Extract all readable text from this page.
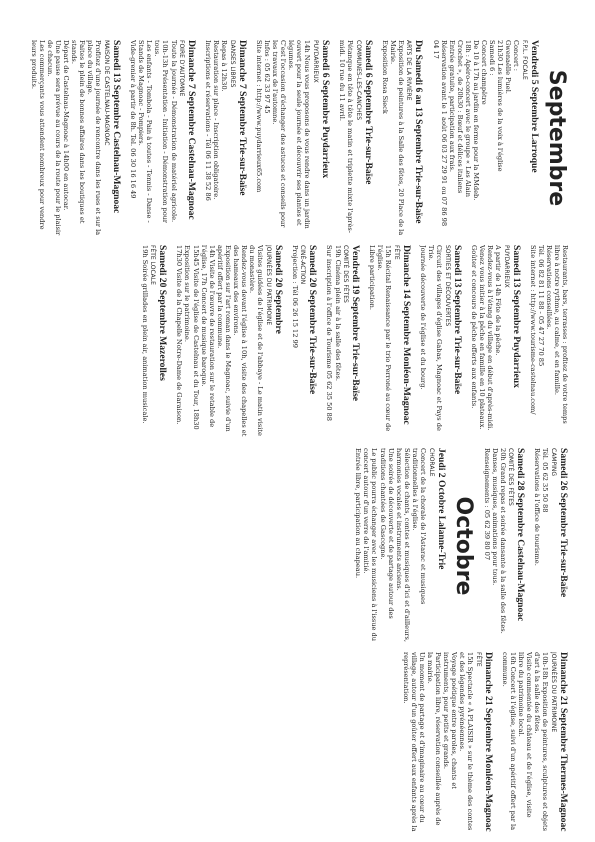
Septembre
Vendredi 5 Septembre Larroque
F.P.L. FOCALE
Concert :
Gwenaëlle Puel.
21h30 Les lumières de la voix à l'église
Samedi 6 :
Concert champêtre
De 10 à 17h au jardin en ferme pour la MMdeb.
18h : Apéro-concert avec le groupe « Les Alain
Crochet », de 20h30 : Bœuf et délices italiens
Entrée gratuite, participation aux frais.
Réservation avant le 1 août 06 03 27 29 91 ou 07 86 98 04 17
Du Samedi 6 au 13 Septembre Trie-sur-Baïse
ARTS DE LA RIVIÈRE
Exposition de peintures à la Salle des fêtes, 20 Place de la Mairie.
Exposition Rosa Sieck
Samedi 6 Septembre Trie-sur-Baïse
COMMUNES-LES-CANCHES
Pétanque en tête à tête le matin et triplette mixte l'après-midi. 10 rue du 11 avril.
Samedi 6 Septembre Puydarrieux
PUYDARRIEUX
14h Nous vous proposons de vous rendre dans un jardin ouvert pour la seule journée et découvrir ses plantes et légumes.
C'est l'occasion d'échanger des astuces et conseils pour les travaux de l'automne.
Infos : 05 62 33 97 45
Site internet : http://www.puydarrieux65.com
Dimanche 7 Septembre Trie-sur-Baïse
DANSES LIBRES
Repas à 12h30.
Restauration sur place - Inscription obligatoire.
Inscriptions et réservations - Tél 06 11 38 52 86
Dimanche 7 Septembre Castelnau-Magnoac
FOIRE D'AUTOMNE
Toute la journée - Démonstration de matériel agricole.
10h-13h Présentation - Initiation - Démonstration pour tous.
Les enfants - Tombola - Pain à toutes - Tennis - Danse - Stands de Magnoac - Pompiers.
Vide-grenier à partir de 8h. Tel. 06 30 16 16 49
Samedi 13 Septembre Castelnau-Magnoac
MAISON DE CASTELNAU-MAGNOAC
Profitez d'une journée de rencontre dans les rues et sur la place du village.
Faites le plein de bonnes affaires dans les boutiques et stands.
Départ de Castelnau-Magnoac à 14h00 en autocar.
Une pause sera prévue au cours de la route pour le plaisir de chacun.
Les commerçants vous attendent nombreux pour vendre leurs produits.
Restaurants, bars, terrasses : profitez de votre temps libre à notre rythme, au calme, et en famille.
Réservations conseillées.
Tél. 06 82 81 11 88 - 05 47 27 70 85
Site internet : http://www.tourisme-castelnau.com/
Samedi 13 Septembre Puydarrieux
PUYDARRIEUX
A partir de 14h Fête de la pêche.
Rendez-vous à l'étang du village en début d'après-midi.
Venez vous initier à la pêche en famille en 10 plateaux.
Goûter et concours de pêche offerts aux enfants.
Samedi 13 Septembre Trie-sur-Baïse
SORTIES ET DÉCOUVERTES
Circuit des villages d'église Gabas, Magnoac et Pays de Trie.
Journée découverte de l'église et du bourg.
Dimanche 14 Septembre Monléon-Magnoac
FÊTE
15h Récital Renaissance par le trio Perroné au cœur de l'église.
Libre participation.
Vendredi 19 Septembre Trie-sur-Baïse
COMITÉ DES FÊTES
19h Cinéma plein air à la salle des fêtes.
Sur inscription à l'office de Tourisme 05 62 35 50 88
Samedi 20 Septembre Trie-sur-Baïse
CINÉ-ACTION
Projection : Tél 06 26 15 12 99
Samedi 20 Septembre
JOURNÉES DU PATRIMOINE
Visites guidées de l'église et de l'abbaye - Le matin visite du monastère.
Rendez-vous devant l'église à 10h, visite des chapelles et des hameaux des environs.
Exposition sur l'art roman dans le Magnoac, suivie d'un apéritif offert par la commune.
14h Visite de l'œuvre de restauration sur le retable de l'église, 17h Concert de musique baroque.
15h45 Visite de l'église de Castelnau et du Tour, 18h30 Exposition sur le patrimoine.
17h30 Visite de la Chapelle Notre-Dame de Garaison.
Samedi 20 Septembre Mazerolles
FÊTE LOCALE
19h Soirée grillades en plein air, animation musicale.
Samedi 26 Septembre Trie-sur-Baïse
CAMPING
Tél. 05 62 35 50 88
Réservations à l'office de tourisme.
Samedi 28 Septembre Castelnau-Magnoac
COMITÉ DES FÊTES
20h Grand repas et soirée dansante à la salle des fêtes.
Danses, musiques, animations pour tous.
Renseignements : 05 62 39 80 07
Octobre
Jeudi 2 Octobre Lalanne-Trie
CHORALE
Concert de la chorale de l'Astarac et musiques traditionnelles à l'église.
Sélection de chants, contes et musiques d'ici et d'ailleurs, harmonies vocales et instruments anciens.
Une soirée de découverte et de partage autour des traditions chantées de Gascogne.
Le public pourra échanger avec les musiciens à l'issue du concert autour d'un verre de l'amitié.
Entrée libre, participation au chapeau.
Dimanche 21 Septembre Thermes-Magnoac
JOURNÉES DU PATRIMOINE
10h-18h Exposition de peintures, sculptures et objets d'art à la salle des fêtes.
Visite commentée du château et de l'église, visite libre du patrimoine local.
16h Concert à l'église, suivi d'un apéritif offert par la commune.
Dimanche 21 Septembre Monléon-Magnoac
FÊTE
15h Spectacle « À PLAISIR » sur le thème des contes et des légendes pyrénéennes.
Voyage poétique entre paroles, chants et instruments, pour petits et grands.
Participation libre, réservation conseillée auprès de la mairie.
Un moment de partage et d'imaginaire au cœur du village, autour d'un goûter offert aux enfants après la représentation.
